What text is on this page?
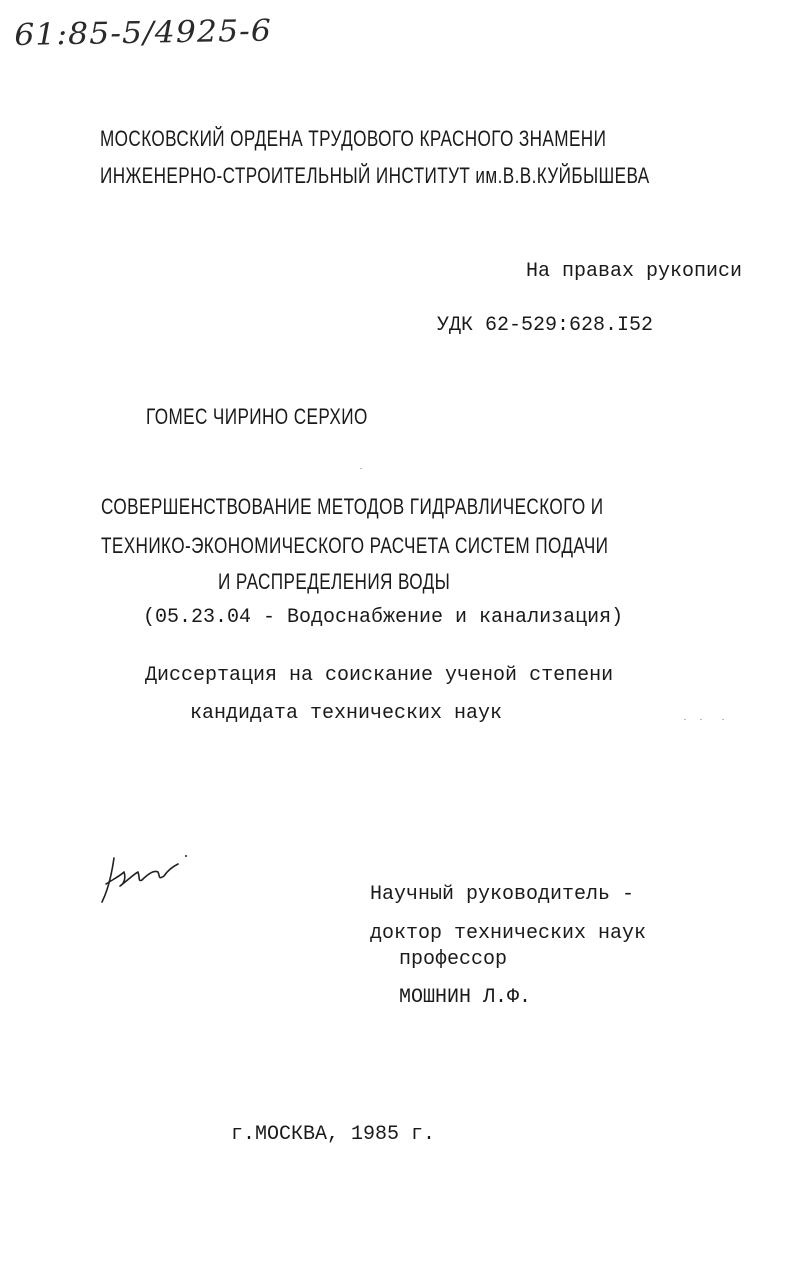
61:85-5/4925-6
МОСКОВСКИЙ ОРДЕНА ТРУДОВОГО КРАСНОГО ЗНАМЕНИ
ИНЖЕНЕРНО-СТРОИТЕЛЬНЫЙ ИНСТИТУТ им.В.В.КУЙБЫШЕВА
На правах рукописи
УДК 62-529:628.I52
ГОМЕС ЧИРИНО СЕРХИО
СОВЕРШЕНСТВОВАНИЕ МЕТОДОВ ГИДРАВЛИЧЕСКОГО И
ТЕХНИКО-ЭКОНОМИЧЕСКОГО РАСЧЕТА СИСТЕМ ПОДАЧИ
И РАСПРЕДЕЛЕНИЯ ВОДЫ
(05.23.04 - Водоснабжение и канализация)
Диссертация на соискание ученой степени
кандидата технических наук
Научный руководитель -
доктор технических наук
профессор
МОШНИН Л.Ф.
г.МОСКВА, 1985 г.
